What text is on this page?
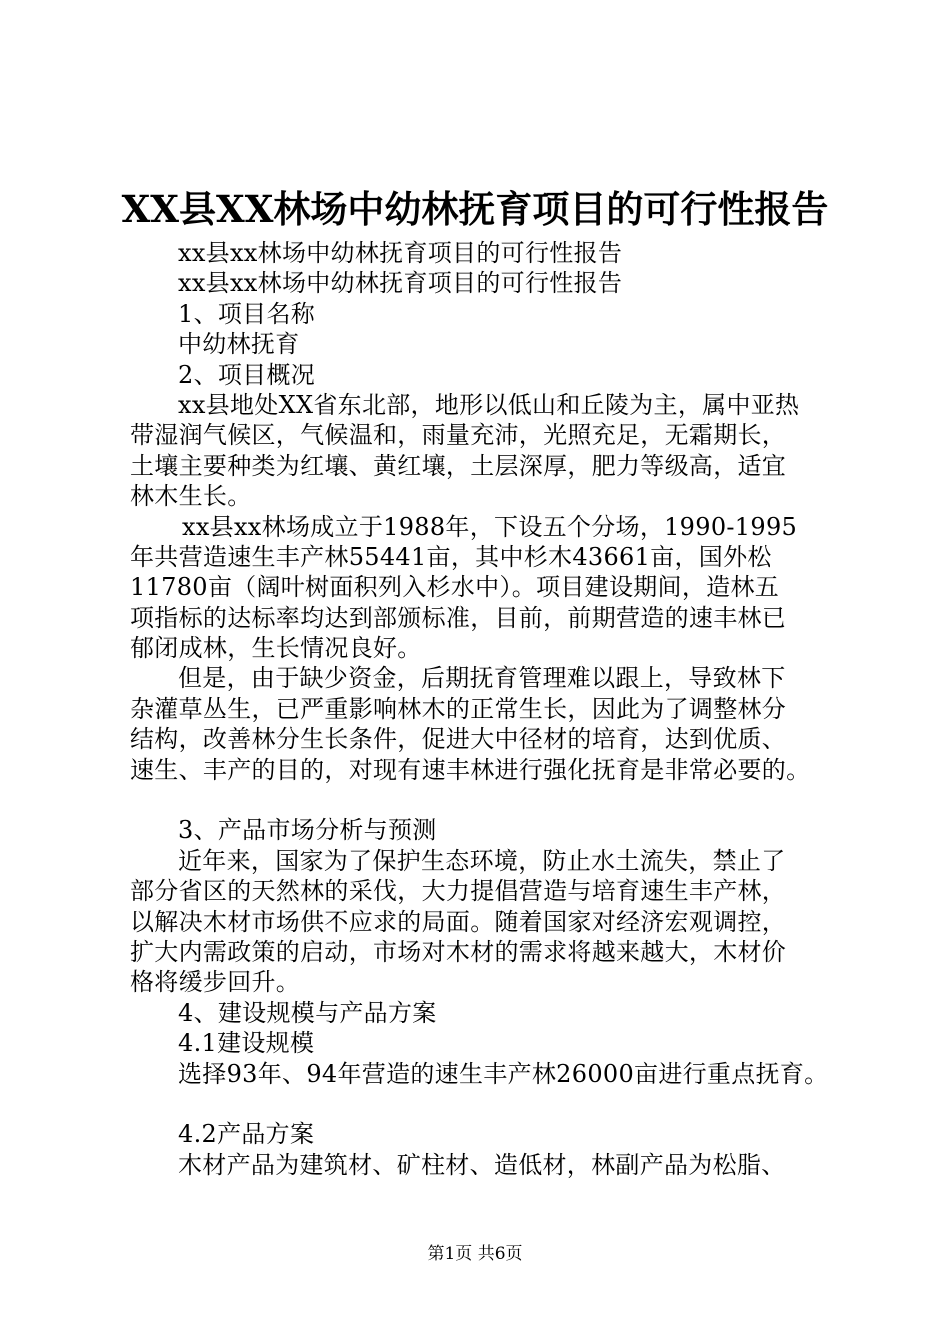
XX县XX林场中幼林抚育项目的可行性报告
xx县xx林场中幼林抚育项目的可行性报告
xx县xx林场中幼林抚育项目的可行性报告
1、项目名称
中幼林抚育
2、项目概况
xx县地处XX省东北部，地形以低山和丘陵为主，属中亚热
带湿润气候区，气候温和，雨量充沛，光照充足，无霜期长，
土壤主要种类为红壤、黄红壤，土层深厚，肥力等级高，适宜
林木生长。
xx县xx林场成立于1988年，下设五个分场，1990-1995
年共营造速生丰产林55441亩，其中杉木43661亩，国外松
11780亩（阔叶树面积列入杉水中）。项目建设期间，造林五
项指标的达标率均达到部颁标准，目前，前期营造的速丰林已
郁闭成林，生长情况良好。
但是，由于缺少资金，后期抚育管理难以跟上，导致林下
杂灌草丛生，已严重影响林木的正常生长，因此为了调整林分
结构，改善林分生长条件，促进大中径材的培育，达到优质、
速生、丰产的目的，对现有速丰林进行强化抚育是非常必要的。
3、产品市场分析与预测
近年来，国家为了保护生态环境，防止水土流失，禁止了
部分省区的天然林的采伐，大力提倡营造与培育速生丰产林，
以解决木材市场供不应求的局面。随着国家对经济宏观调控，
扩大内需政策的启动，市场对木材的需求将越来越大，木材价
格将缓步回升。
4、建设规模与产品方案
4.1建设规模
选择93年、94年营造的速生丰产林26000亩进行重点抚育。
4.2产品方案
木材产品为建筑材、矿柱材、造低材，林副产品为松脂、
第1页 共6页
